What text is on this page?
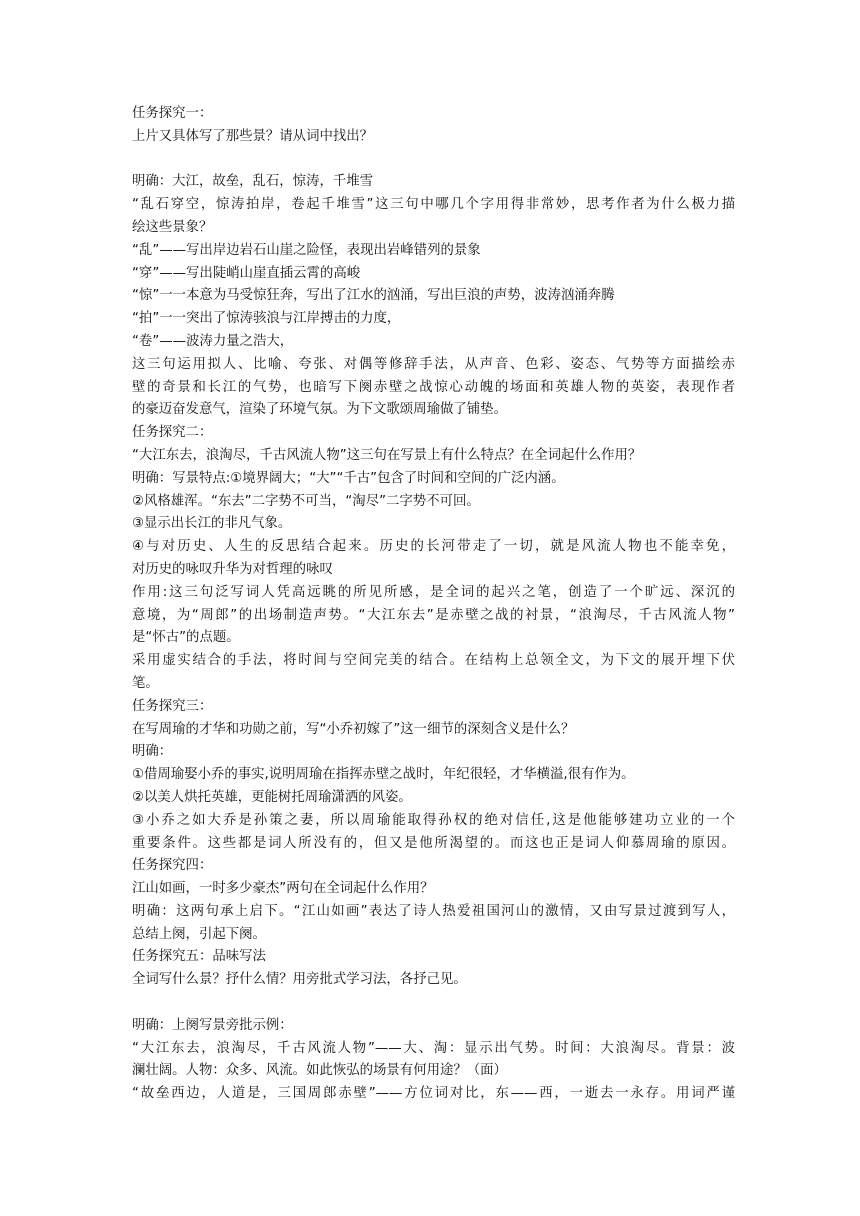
任务探究一：

上片又具体写了那些景？请从词中找出？

明确：大江，故垒，乱石，惊涛，千堆雪

“乱石穿空，惊涛拍岸，卷起千堆雪”这三句中哪几个字用得非常妙，思考作者为什么极力描

绘这些景象？

“乱”——写出岸边岩石山崖之险怪，表现出岩峰错列的景象

“穿”——写出陡峭山崖直插云霄的高峻

“惊”一一本意为马受惊狂奔，写出了江水的汹涌，写出巨浪的声势，波涛汹涌奔腾

“拍”一一突出了惊涛骇浪与江岸搏击的力度，

“卷”——波涛力量之浩大，

这三句运用拟人、比喻、夸张、对偶等修辞手法，从声音、色彩、姿态、气势等方面描绘赤

壁的奇景和长江的气势，也暗写下阕赤壁之战惊心动魄的场面和英雄人物的英姿，表现作者

的豪迈奋发意气，渲染了环境气氛。为下文歌颂周瑜做了铺垫。

任务探究二：

“大江东去，浪淘尽，千古风流人物”这三句在写景上有什么特点？在全词起什么作用？

明确：写景特点:①境界阔大；“大”“千古”包含了时间和空间的广泛内涵。

②风格雄浑。“东去”二字势不可当，“淘尽”二字势不可回。

③显示出长江的非凡气象。

④与对历史、人生的反思结合起来。历史的长河带走了一切，就是风流人物也不能幸免，

对历史的咏叹升华为对哲理的咏叹

作用:这三句泛写词人凭高远眺的所见所感，是全词的起兴之笔，创造了一个旷远、深沉的

意境，为“周郎”的出场制造声势。“大江东去”是赤壁之战的衬景，“浪淘尽，千古风流人物”

是“怀古”的点题。

采用虚实结合的手法，将时间与空间完美的结合。在结构上总领全文，为下文的展开埋下伏

笔。

任务探究三：

在写周瑜的才华和功勋之前，写“小乔初嫁了”这一细节的深刻含义是什么？

明确：

①借周瑜娶小乔的事实,说明周瑜在指挥赤壁之战时，年纪很轻，才华横溢,很有作为。

②以美人烘托英雄，更能树托周瑜潇洒的风姿。

③小乔之如大乔是孙策之妻，所以周瑜能取得孙权的绝对信任,这是他能够建功立业的一个

重要条件。这些都是词人所没有的，但又是他所渴望的。而这也正是词人仰慕周瑜的原因。

任务探究四：

江山如画，一时多少豪杰”两句在全词起什么作用？

明确：这两句承上启下。“江山如画”表达了诗人热爱祖国河山的激情，又由写景过渡到写人，

总结上阕，引起下阕。

任务探究五：品味写法

全词写什么景？抒什么情？用旁批式学习法，各抒己见。

明确：上阕写景旁批示例：

“大江东去，浪淘尽，千古风流人物”——大、淘：显示出气势。时间：大浪淘尽。背景：波

澜壮阔。人物：众多、风流。如此恢弘的场景有何用途？（面）

“故垒西边，人道是，三国周郎赤壁”——方位词对比，东——西，一逝去一永存。用词严谨
